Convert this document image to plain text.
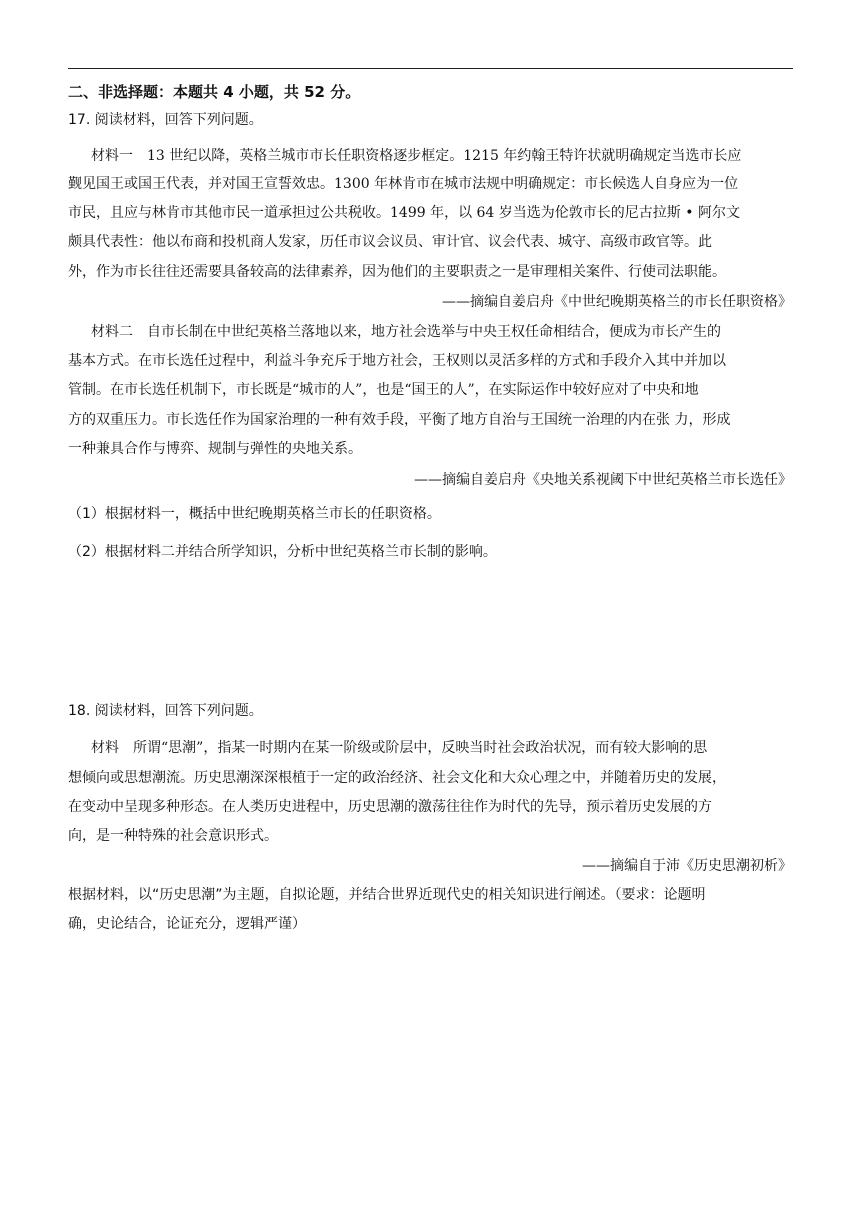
二、非选择题：本题共 4 小题，共 52 分。
17. 阅读材料，回答下列问题。
材料一　13 世纪以降，英格兰城市市长任职资格逐步框定。1215 年约翰王特许状就明确规定当选市长应
觐见国王或国王代表，并对国王宣誓效忠。1300 年林肯市在城市法规中明确规定：市长候选人自身应为一位
市民，且应与林肯市其他市民一道承担过公共税收。1499 年，以 64 岁当选为伦敦市长的尼古拉斯 • 阿尔文
颇具代表性：他以布商和投机商人发家，历任市议会议员、审计官、议会代表、城守、高级市政官等。此
外，作为市长往往还需要具备较高的法律素养，因为他们的主要职责之一是审理相关案件、行使司法职能。
——摘编自姜启舟《中世纪晚期英格兰的市长任职资格》
材料二　自市长制在中世纪英格兰落地以来，地方社会选举与中央王权任命相结合，便成为市长产生的
基本方式。在市长选任过程中，利益斗争充斥于地方社会，王权则以灵活多样的方式和手段介入其中并加以
管制。在市长选任机制下，市长既是“城市的人”，也是“国王的人”，在实际运作中较好应对了中央和地
方的双重压力。市长选任作为国家治理的一种有效手段，平衡了地方自治与王国统一治理的内在张 力，形成
一种兼具合作与博弈、规制与弹性的央地关系。
——摘编自姜启舟《央地关系视阈下中世纪英格兰市长选任》
（1）根据材料一，概括中世纪晚期英格兰市长的任职资格。
（2）根据材料二并结合所学知识，分析中世纪英格兰市长制的影响。
18. 阅读材料，回答下列问题。
材料　所谓“思潮”，指某一时期内在某一阶级或阶层中，反映当时社会政治状况，而有较大影响的思
想倾向或思想潮流。历史思潮深深根植于一定的政治经济、社会文化和大众心理之中，并随着历史的发展，
在变动中呈现多种形态。在人类历史进程中，历史思潮的激荡往往作为时代的先导，预示着历史发展的方
向，是一种特殊的社会意识形式。
——摘编自于沛《历史思潮初析》
根据材料，以“历史思潮”为主题，自拟论题，并结合世界近现代史的相关知识进行阐述。（要求：论题明
确，史论结合，论证充分，逻辑严谨）
